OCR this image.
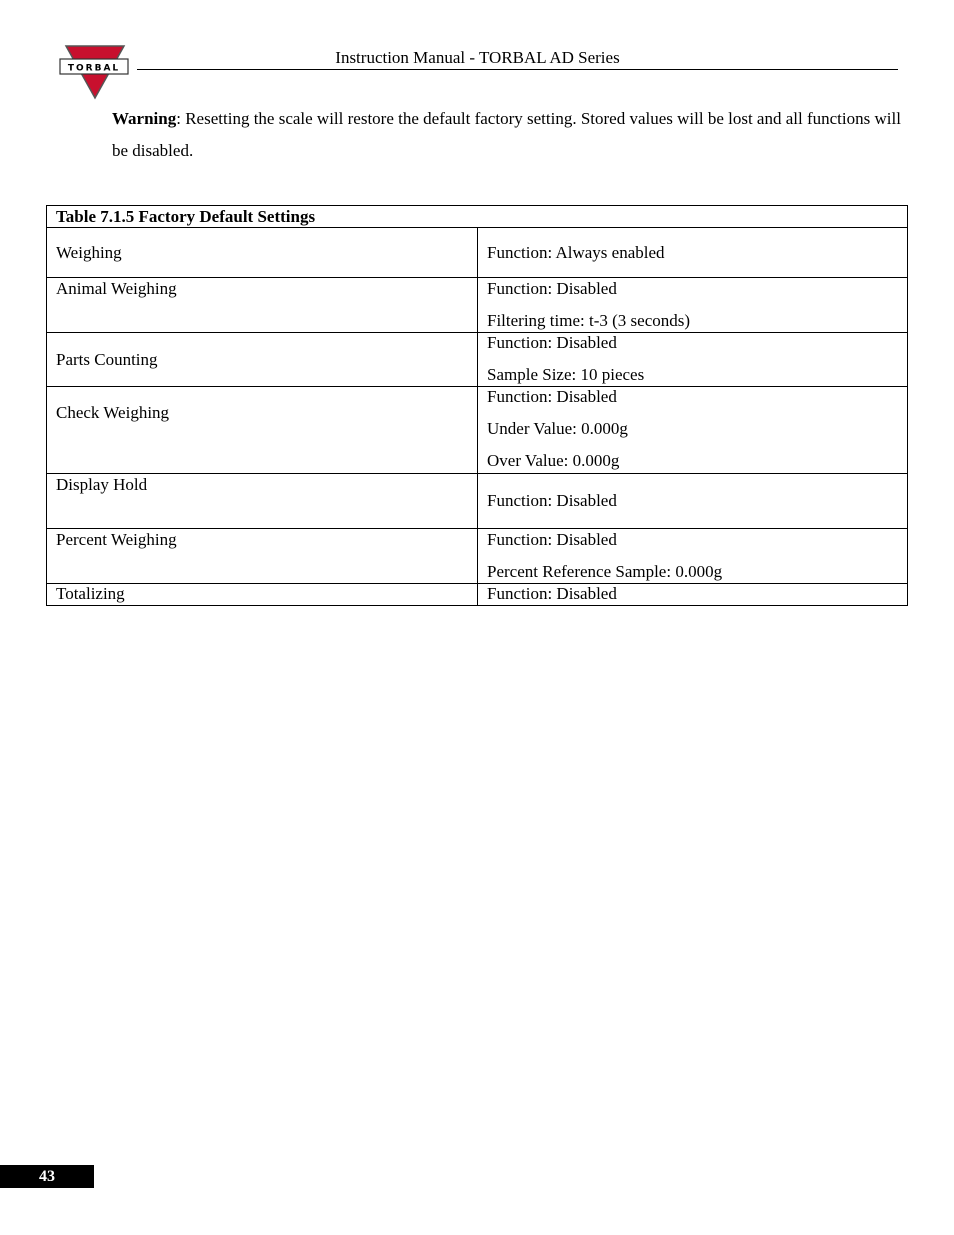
TORBAL
Instruction Manual - TORBAL AD Series
Warning: Resetting the scale will restore the default factory setting. Stored values will be lost and all functions will be disabled.
Table 7.1.5 Factory Default Settings	
Weighing	Function: Always enabled

Animal Weighing	Function: Disabled
Filtering time: t-3 (3 seconds)

Parts Counting	Function: Disabled
Sample Size: 10 pieces

Check Weighing	Function: Disabled
Under Value: 0.000g
Over Value: 0.000g

Display Hold	Function: Disabled

Percent Weighing	Function: Disabled
Percent Reference Sample: 0.000g

Totalizing	Function: Disabled
43
